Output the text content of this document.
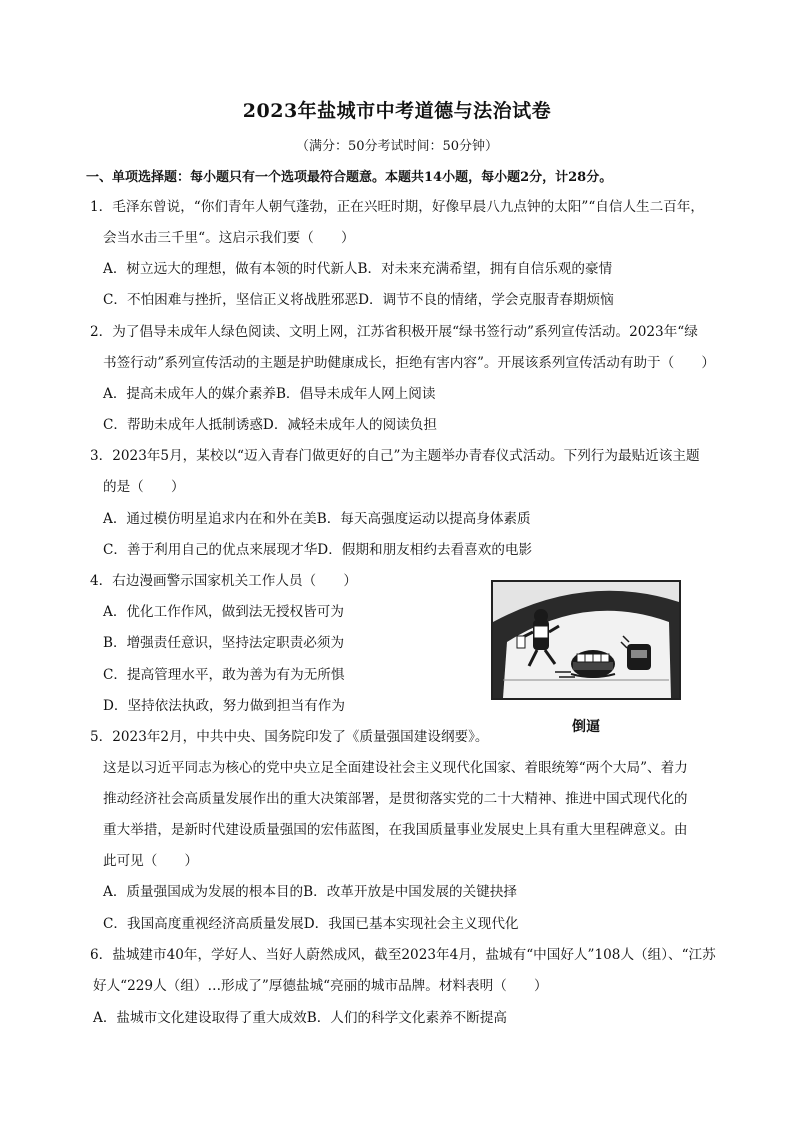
2023年盐城市中考道德与法治试卷
（满分：50分考试时间：50分钟）
一、单项选择题：每小题只有一个选项最符合题意。本题共14小题，每小题2分，计28分。
1．毛泽东曾说，“你们青年人朝气蓬勃，正在兴旺时期，好像早晨八九点钟的太阳”“自信人生二百年，
会当水击三千里“。这启示我们要（　　）
A．树立远大的理想，做有本领的时代新人B．对未来充满希望，拥有自信乐观的豪情
C．不怕困难与挫折，坚信正义将战胜邪恶D．调节不良的情绪，学会克服青春期烦恼
2．为了倡导未成年人绿色阅读、文明上网，江苏省积极开展“绿书签行动”系列宣传活动。2023年“绿
书签行动”系列宣传活动的主题是护助健康成长，拒绝有害内容”。开展该系列宣传活动有助于（　　）
A．提高未成年人的媒介素养B．倡导未成年人网上阅读
C．帮助未成年人抵制诱惑D．减轻未成年人的阅读负担
3．2023年5月，某校以“迈入青春门做更好的自己”为主题举办青春仪式活动。下列行为最贴近该主题
的是（　　）
A．通过模仿明星追求内在和外在美B．每天高强度运动以提高身体素质
C．善于利用自己的优点来展现才华D．假期和朋友相约去看喜欢的电影
4．右边漫画警示国家机关工作人员（　　）
A．优化工作作风，做到法无授权皆可为
B．增强责任意识，坚持法定职责必须为
C．提高管理水平，敢为善为有为无所惧
D．坚持依法执政，努力做到担当有作为
倒逼
5．2023年2月，中共中央、国务院印发了《质量强国建设纲要》。
这是以习近平同志为核心的党中央立足全面建设社会主义现代化国家、着眼统筹“两个大局”、着力
推动经济社会高质量发展作出的重大决策部署，是贯彻落实党的二十大精神、推进中国式现代化的
重大举措，是新时代建设质量强国的宏伟蓝图，在我国质量事业发展史上具有重大里程碑意义。由
此可见（　　）
A．质量强国成为发展的根本目的B．改革开放是中国发展的关键抉择
C．我国高度重视经济高质量发展D．我国已基本实现社会主义现代化
6．盐城建市40年，学好人、当好人蔚然成风，截至2023年4月，盐城有“中国好人”108人（组）、“江苏
好人“229人（组）…形成了”厚德盐城“亮丽的城市品牌。材料表明（　　）
A．盐城市文化建设取得了重大成效B．人们的科学文化素养不断提高
